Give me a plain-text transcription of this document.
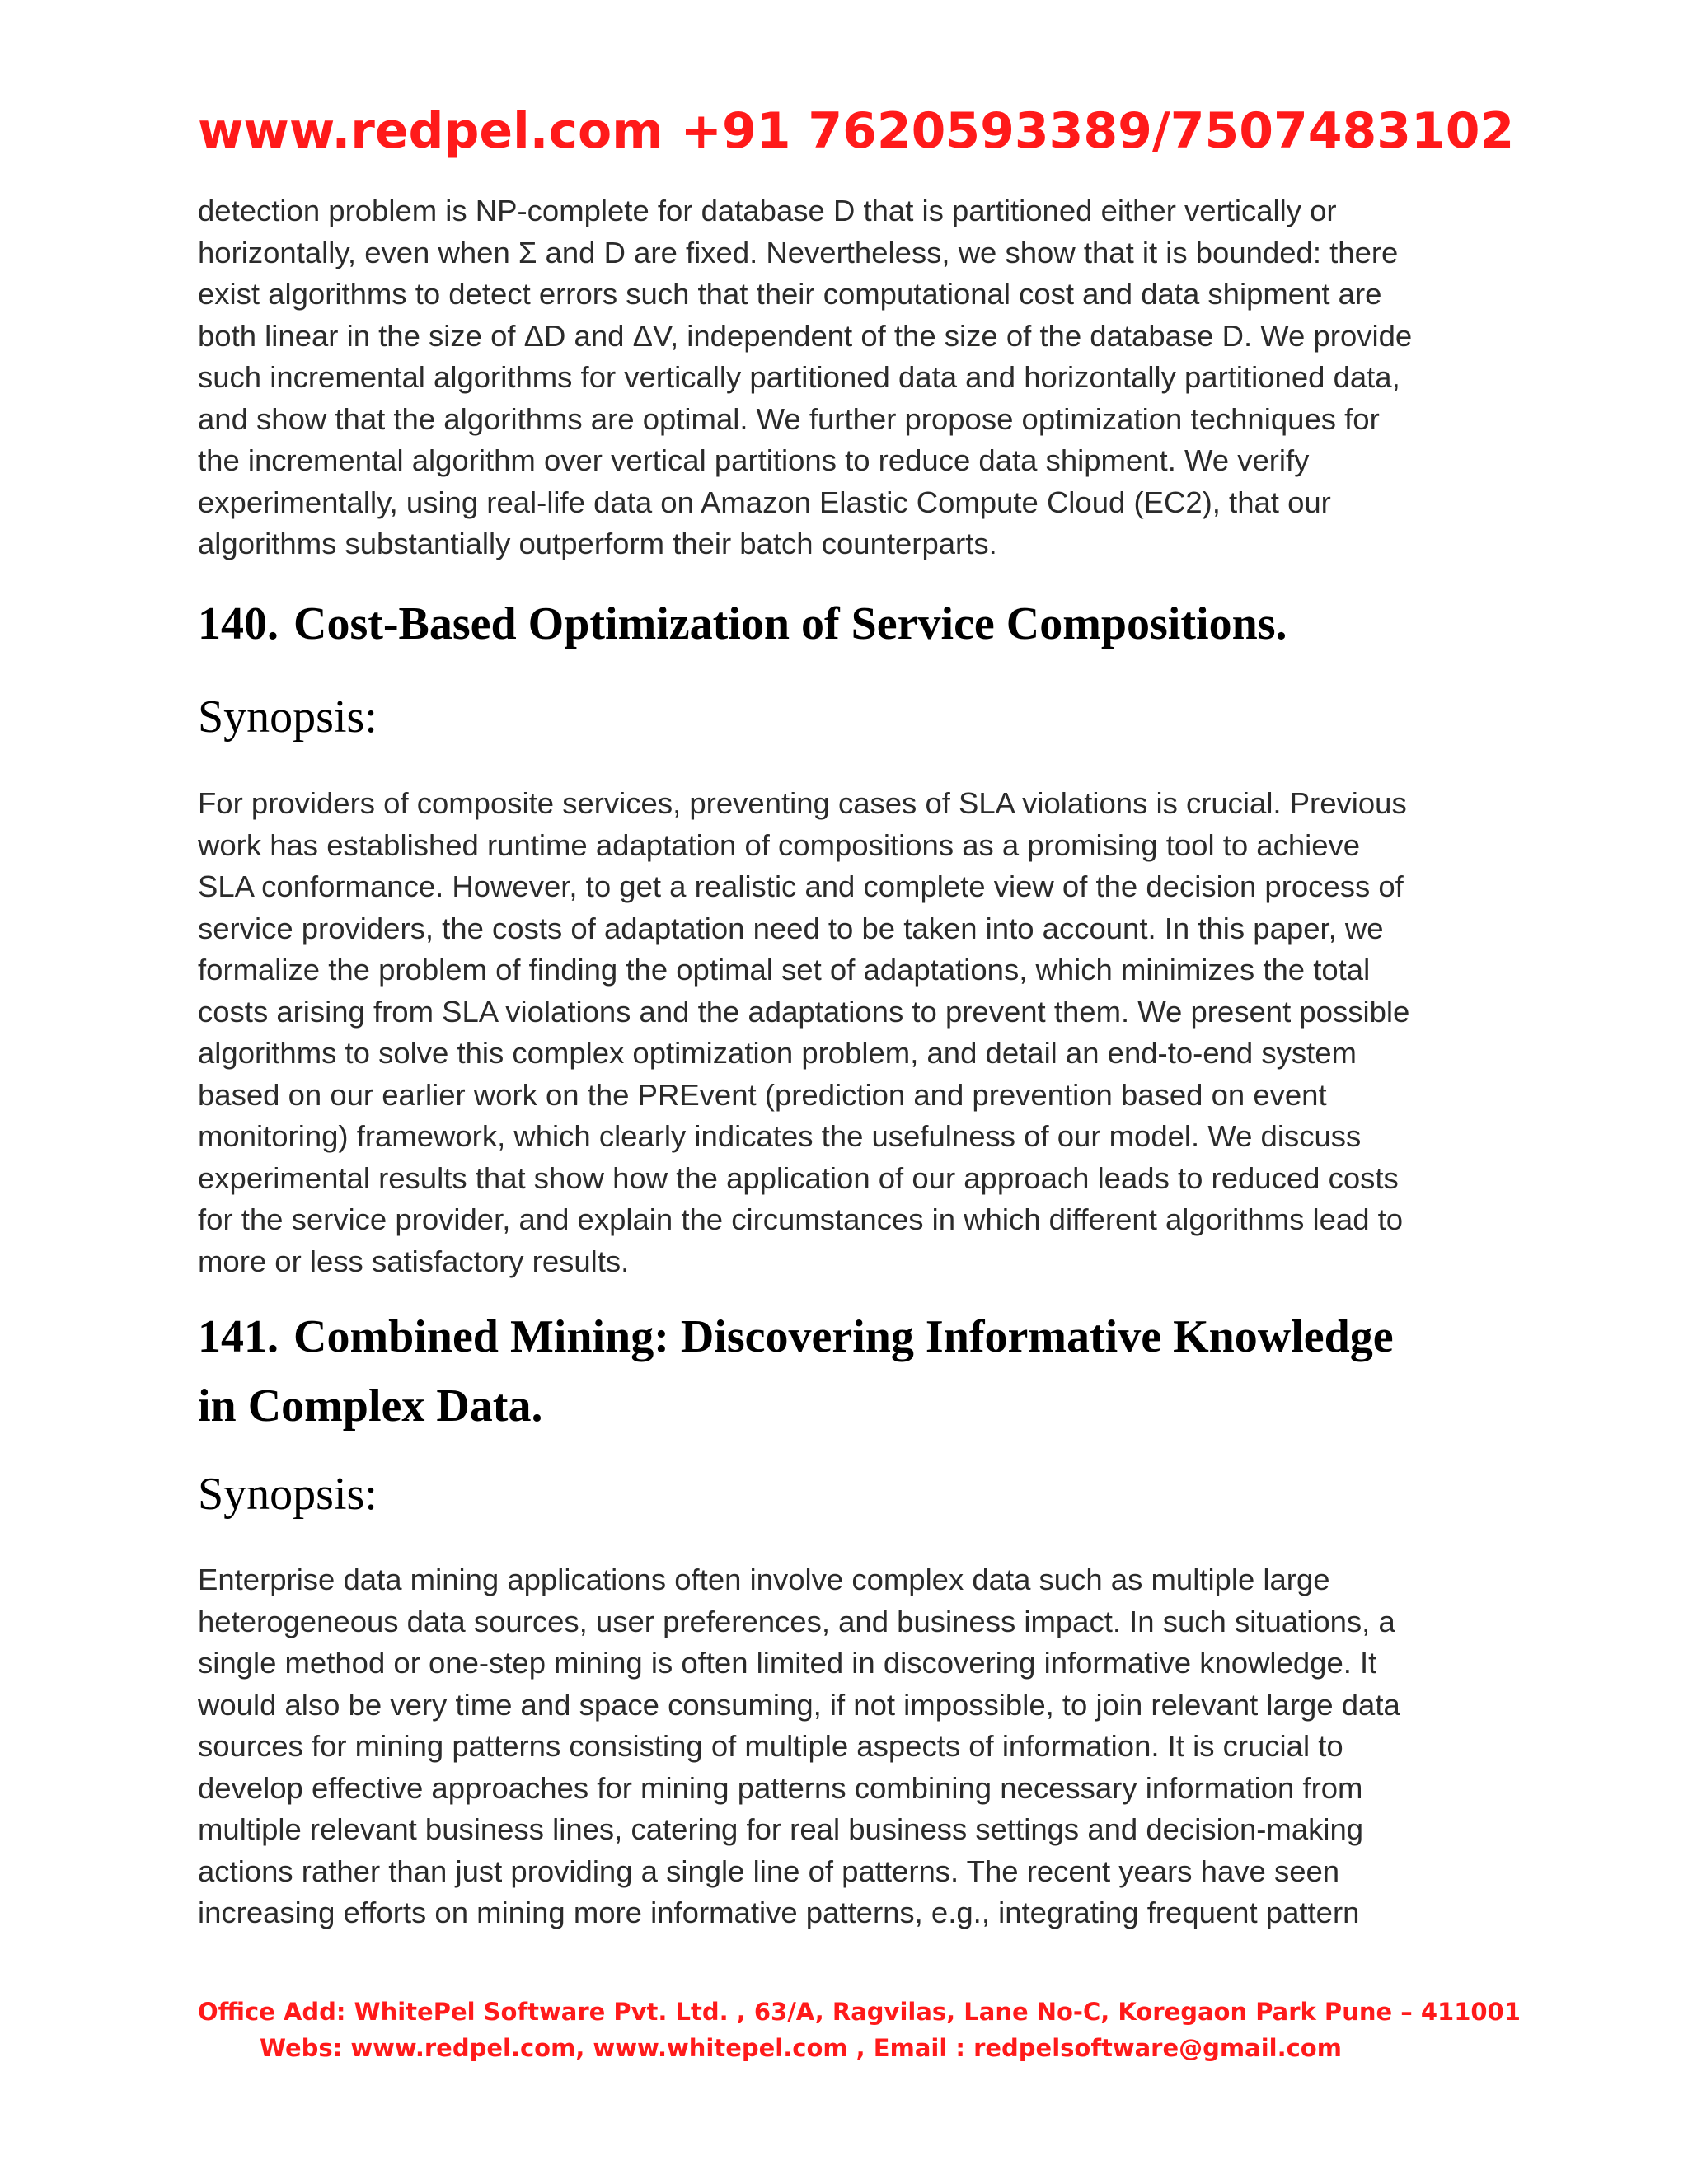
www.redpel.com +91 7620593389/7507483102
detection problem is NP-complete for database D that is partitioned either vertically or
horizontally, even when Σ and D are fixed. Nevertheless, we show that it is bounded: there
exist algorithms to detect errors such that their computational cost and data shipment are
both linear in the size of ΔD and ΔV, independent of the size of the database D. We provide
such incremental algorithms for vertically partitioned data and horizontally partitioned data,
and show that the algorithms are optimal. We further propose optimization techniques for
the incremental algorithm over vertical partitions to reduce data shipment. We verify
experimentally, using real-life data on Amazon Elastic Compute Cloud (EC2), that our
algorithms substantially outperform their batch counterparts.
140. Cost-Based Optimization of Service Compositions.
Synopsis:
For providers of composite services, preventing cases of SLA violations is crucial. Previous
work has established runtime adaptation of compositions as a promising tool to achieve
SLA conformance. However, to get a realistic and complete view of the decision process of
service providers, the costs of adaptation need to be taken into account. In this paper, we
formalize the problem of finding the optimal set of adaptations, which minimizes the total
costs arising from SLA violations and the adaptations to prevent them. We present possible
algorithms to solve this complex optimization problem, and detail an end-to-end system
based on our earlier work on the PREvent (prediction and prevention based on event
monitoring) framework, which clearly indicates the usefulness of our model. We discuss
experimental results that show how the application of our approach leads to reduced costs
for the service provider, and explain the circumstances in which different algorithms lead to
more or less satisfactory results.
141. Combined Mining: Discovering Informative Knowledge
in Complex Data.
Synopsis:
Enterprise data mining applications often involve complex data such as multiple large
heterogeneous data sources, user preferences, and business impact. In such situations, a
single method or one-step mining is often limited in discovering informative knowledge. It
would also be very time and space consuming, if not impossible, to join relevant large data
sources for mining patterns consisting of multiple aspects of information. It is crucial to
develop effective approaches for mining patterns combining necessary information from
multiple relevant business lines, catering for real business settings and decision-making
actions rather than just providing a single line of patterns. The recent years have seen
increasing efforts on mining more informative patterns, e.g., integrating frequent pattern
Office Add: WhitePel Software Pvt. Ltd. , 63/A, Ragvilas, Lane No-C, Koregaon Park Pune – 411001
Webs: www.redpel.com, www.whitepel.com , Email : redpelsoftware@gmail.com
